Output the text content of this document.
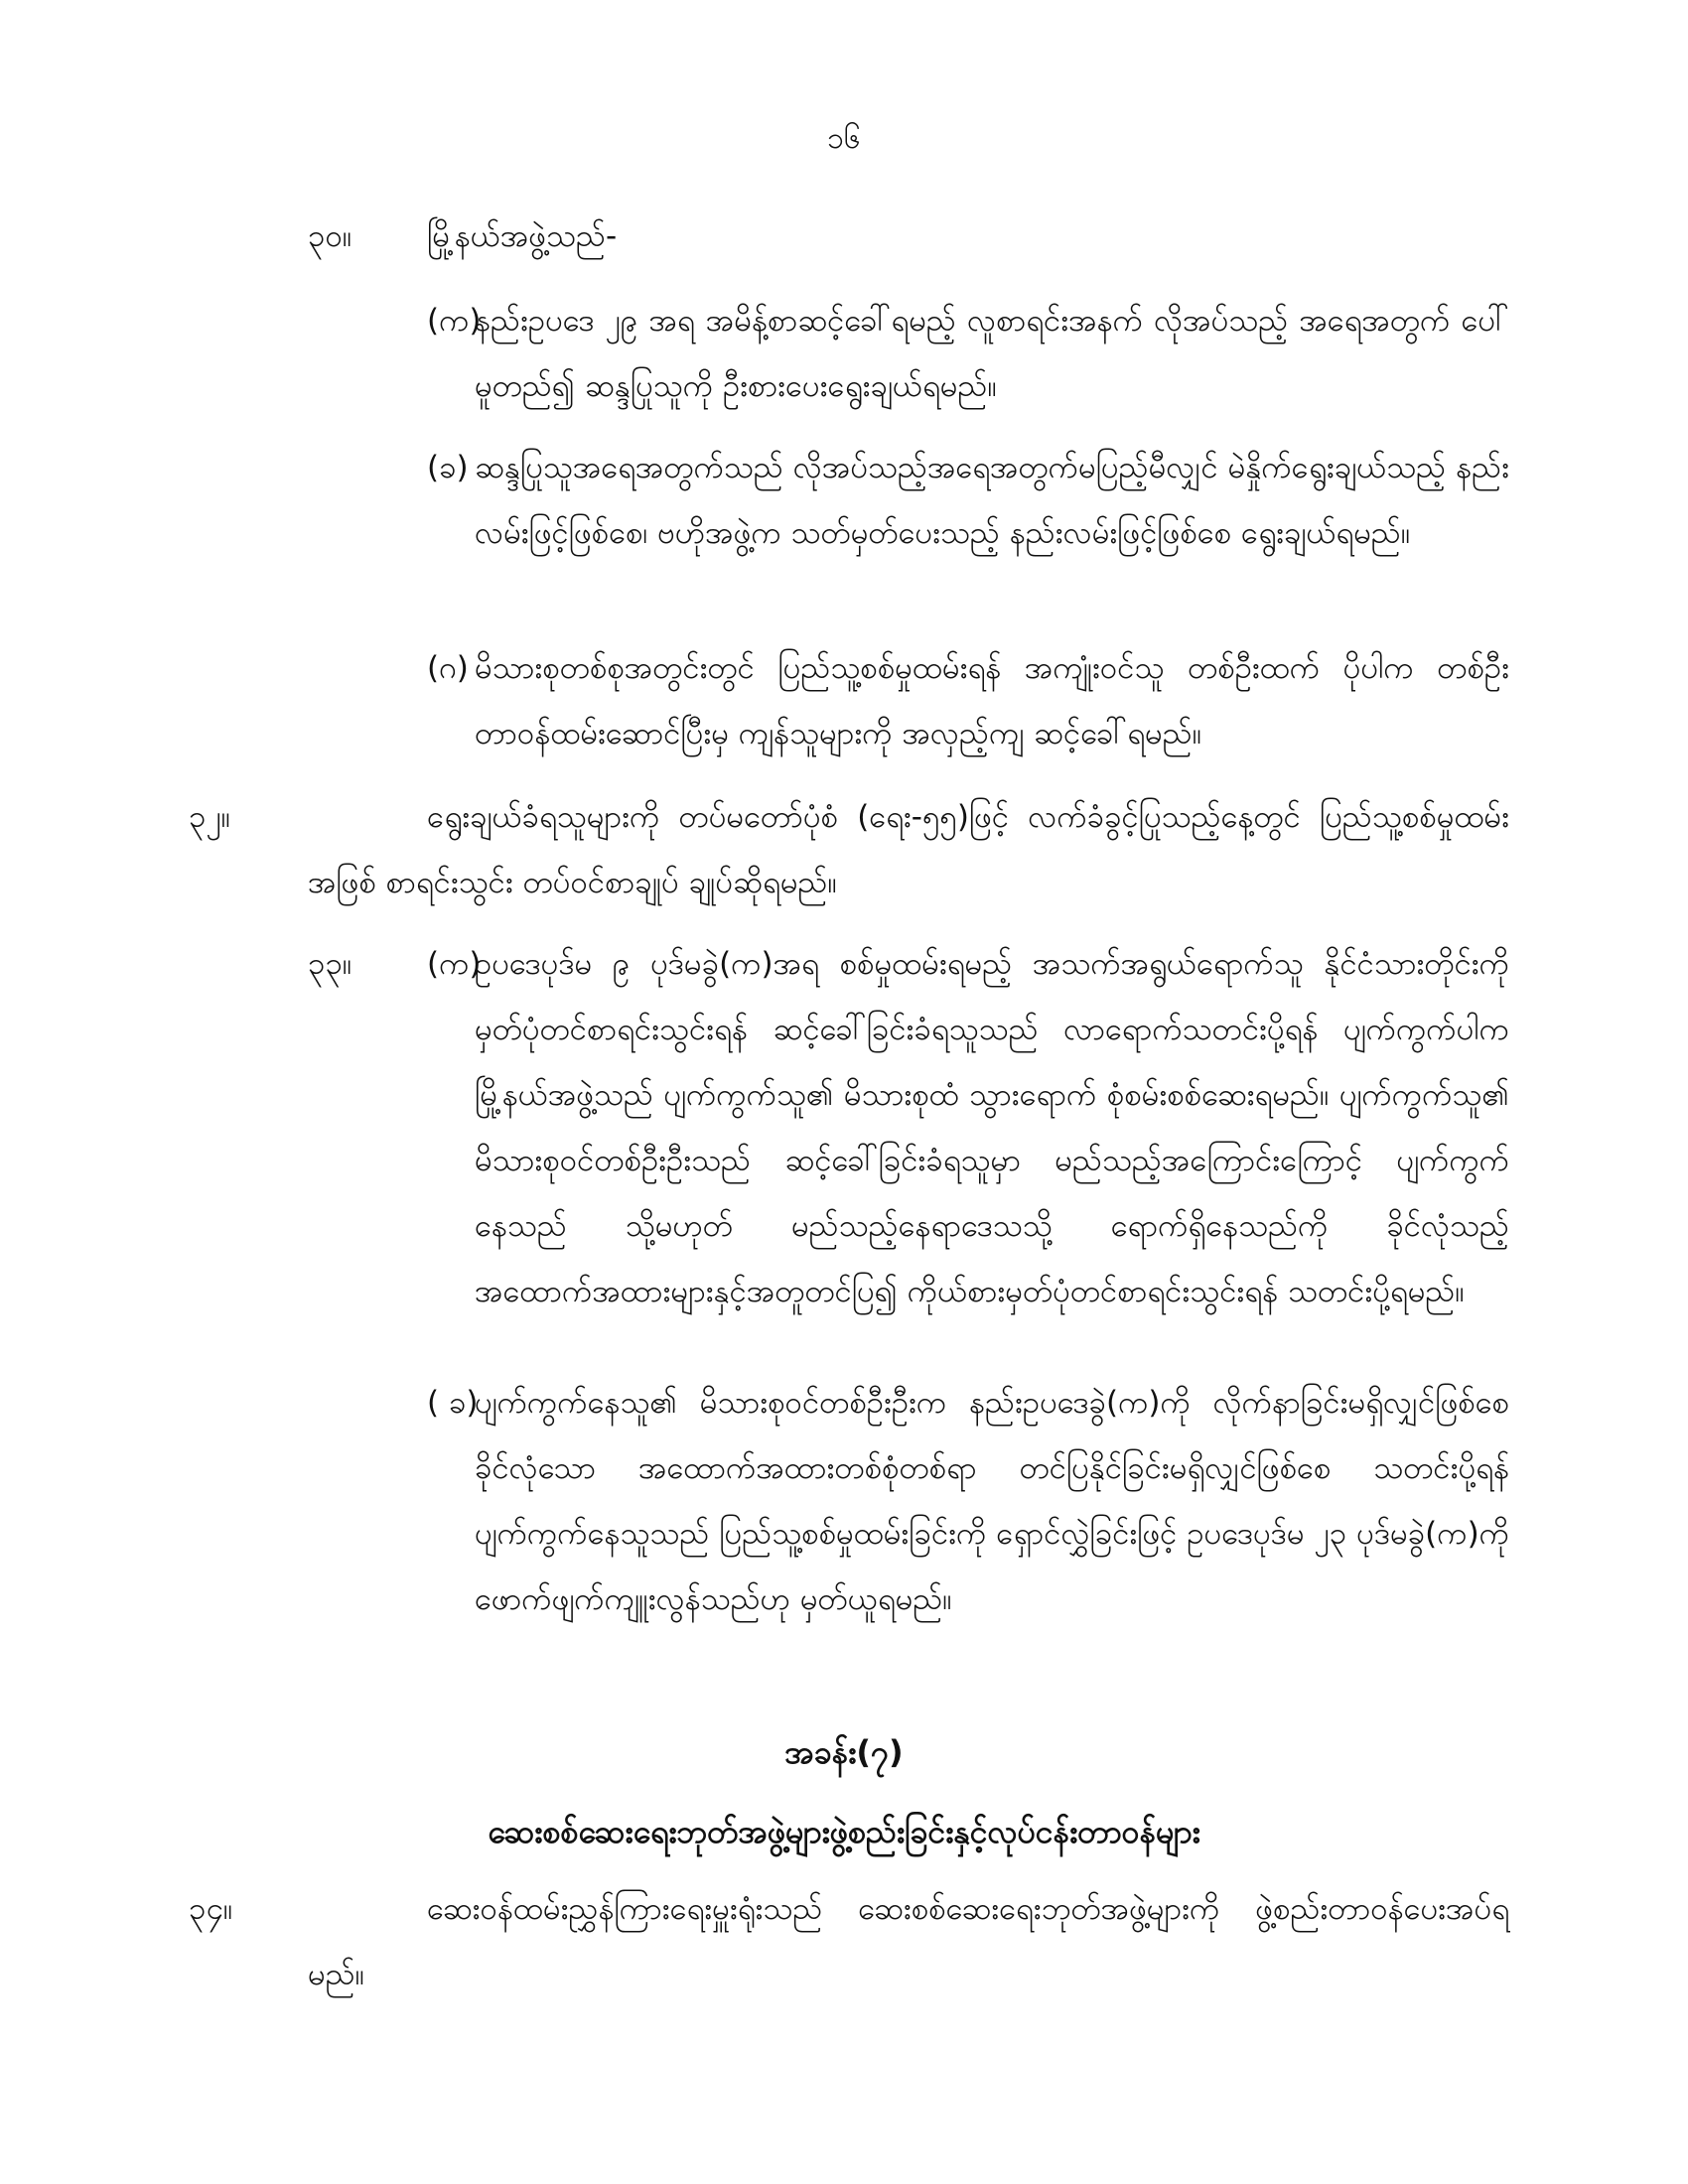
၁၆
၃၀။ မြို့နယ်အဖွဲ့သည်-
(က)
နည်းဥပဒေ ၂၉ အရ အမိန့်စာဆင့်ခေါ်ရမည့် လူစာရင်းအနက် လိုအပ်သည့် အရေအတွက် ပေါ်မူတည်၍ ဆန္ဒပြုသူကို ဦးစားပေးရွေးချယ်ရမည်။
(ခ) ဆန္ဒပြုသူအရေအတွက်သည် လိုအပ်သည့်အရေအတွက်မပြည့်မီလျှင် မဲနှိုက်ရွေးချယ်သည့် နည်းလမ်းဖြင့်ဖြစ်စေ၊ ဗဟိုအဖွဲ့က သတ်မှတ်ပေးသည့် နည်းလမ်းဖြင့်ဖြစ်စေ ရွေးချယ်ရမည်။
(ဂ) မိသားစုတစ်စုအတွင်းတွင် ပြည်သူ့စစ်မှုထမ်းရန် အကျုံးဝင်သူ တစ်ဦးထက် ပိုပါက တစ်ဦးတာဝန်ထမ်းဆောင်ပြီးမှ ကျန်သူများကို အလှည့်ကျ ဆင့်ခေါ်ရမည်။
၃၂။	ရွေးချယ်ခံရသူများကို တပ်မတော်ပုံစံ (ရေး-၅၅)ဖြင့် လက်ခံခွင့်ပြုသည့်နေ့တွင် ပြည်သူ့စစ်မှုထမ်းအဖြစ် စာရင်းသွင်း တပ်ဝင်စာချုပ် ချုပ်ဆိုရမည်။
၃၃။ (က)
ဥပဒေပုဒ်မ ၉ ပုဒ်မခွဲ(က)အရ စစ်မှုထမ်းရမည့် အသက်အရွယ်ရောက်သူ နိုင်ငံသားတိုင်းကို မှတ်ပုံတင်စာရင်းသွင်းရန် ဆင့်ခေါ်ခြင်းခံရသူသည် လာရောက်သတင်းပို့ရန် ပျက်ကွက်ပါက မြို့နယ်အဖွဲ့သည် ပျက်ကွက်သူ၏ မိသားစုထံ သွားရောက် စုံစမ်းစစ်ဆေးရမည်။ ပျက်ကွက်သူ၏ မိသားစုဝင်တစ်ဦးဦးသည် ဆင့်ခေါ်ခြင်းခံရသူမှာ မည်သည့်အကြောင်းကြောင့် ပျက်ကွက်နေသည် သို့မဟုတ် မည်သည့်နေရာဒေသသို့ ရောက်ရှိနေသည်ကို ခိုင်လုံသည့်အထောက်အထားများနှင့်အတူတင်ပြ၍ ကိုယ်စားမှတ်ပုံတင်စာရင်းသွင်းရန် သတင်းပို့ရမည်။
( ခ)
ပျက်ကွက်နေသူ၏ မိသားစုဝင်တစ်ဦးဦးက နည်းဥပဒေခွဲ(က)ကို လိုက်နာခြင်းမရှိလျှင်ဖြစ်စေ ခိုင်လုံသော အထောက်အထားတစ်စုံတစ်ရာ တင်ပြနိုင်ခြင်းမရှိလျှင်ဖြစ်စေ သတင်းပို့ရန် ပျက်ကွက်နေသူသည် ပြည်သူ့စစ်မှုထမ်းခြင်းကို ရှောင်လွှဲခြင်းဖြင့် ဥပဒေပုဒ်မ ၂၃ ပုဒ်မခွဲ(က)ကို ဖောက်ဖျက်ကျူးလွန်သည်ဟု မှတ်ယူရမည်။
အခန်း(၇)
ဆေးစစ်ဆေးရေးဘုတ်အဖွဲ့များဖွဲ့စည်းခြင်းနှင့်လုပ်ငန်းတာဝန်များ
၃၄။	ဆေးဝန်ထမ်းညွှန်ကြားရေးမှူးရုံးသည် ဆေးစစ်ဆေးရေးဘုတ်အဖွဲ့များကို ဖွဲ့စည်းတာဝန်ပေးအပ်ရမည်။
